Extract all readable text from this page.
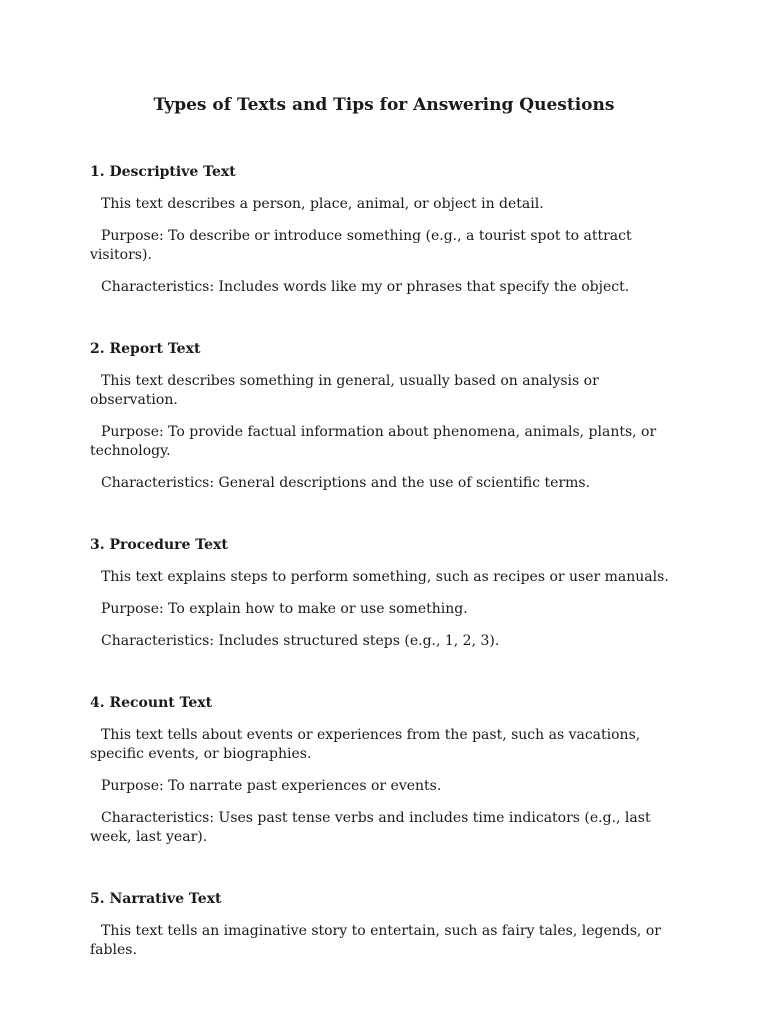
Types of Texts and Tips for Answering Questions
1. Descriptive Text

This text describes a person, place, animal, or object in detail.

Purpose: To describe or introduce something (e.g., a tourist spot to attract visitors).

Characteristics: Includes words like my or phrases that specify the object.

2. Report Text

This text describes something in general, usually based on analysis or observation.

Purpose: To provide factual information about phenomena, animals, plants, or technology.

Characteristics: General descriptions and the use of scientific terms.

3. Procedure Text

This text explains steps to perform something, such as recipes or user manuals.

Purpose: To explain how to make or use something.

Characteristics: Includes structured steps (e.g., 1, 2, 3).

4. Recount Text

This text tells about events or experiences from the past, such as vacations, specific events, or biographies.

Purpose: To narrate past experiences or events.

Characteristics: Uses past tense verbs and includes time indicators (e.g., last week, last year).

5. Narrative Text

This text tells an imaginative story to entertain, such as fairy tales, legends, or fables.
